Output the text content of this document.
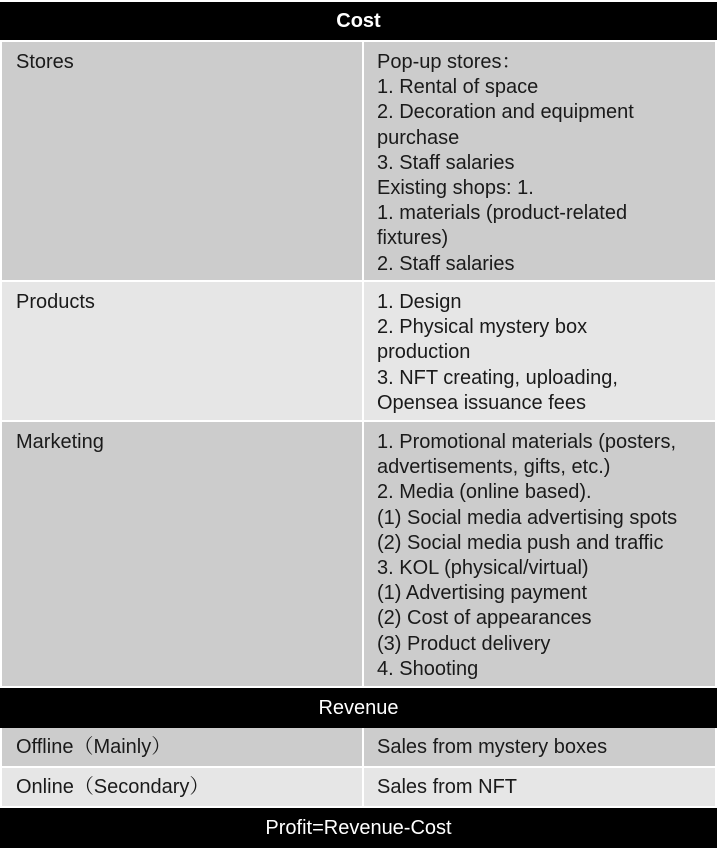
Cost
Stores	Pop-up stores：
1. Rental of space
2. Decoration and equipment
purchase
3. Staff salaries
Existing shops: 1.
1. materials (product-related
fixtures)
2. Staff salaries
Products	1. Design
2. Physical mystery box
production
3. NFT creating, uploading,
Opensea issuance fees
Marketing	1. Promotional materials (posters,
advertisements, gifts, etc.)
2. Media (online based).
(1) Social media advertising spots
(2) Social media push and traffic
3. KOL (physical/virtual)
(1) Advertising payment
(2) Cost of appearances
(3) Product delivery
4. Shooting
Revenue
Offline（Mainly）	Sales from mystery boxes
Online（Secondary）	Sales from NFT
Profit=Revenue-Cost
